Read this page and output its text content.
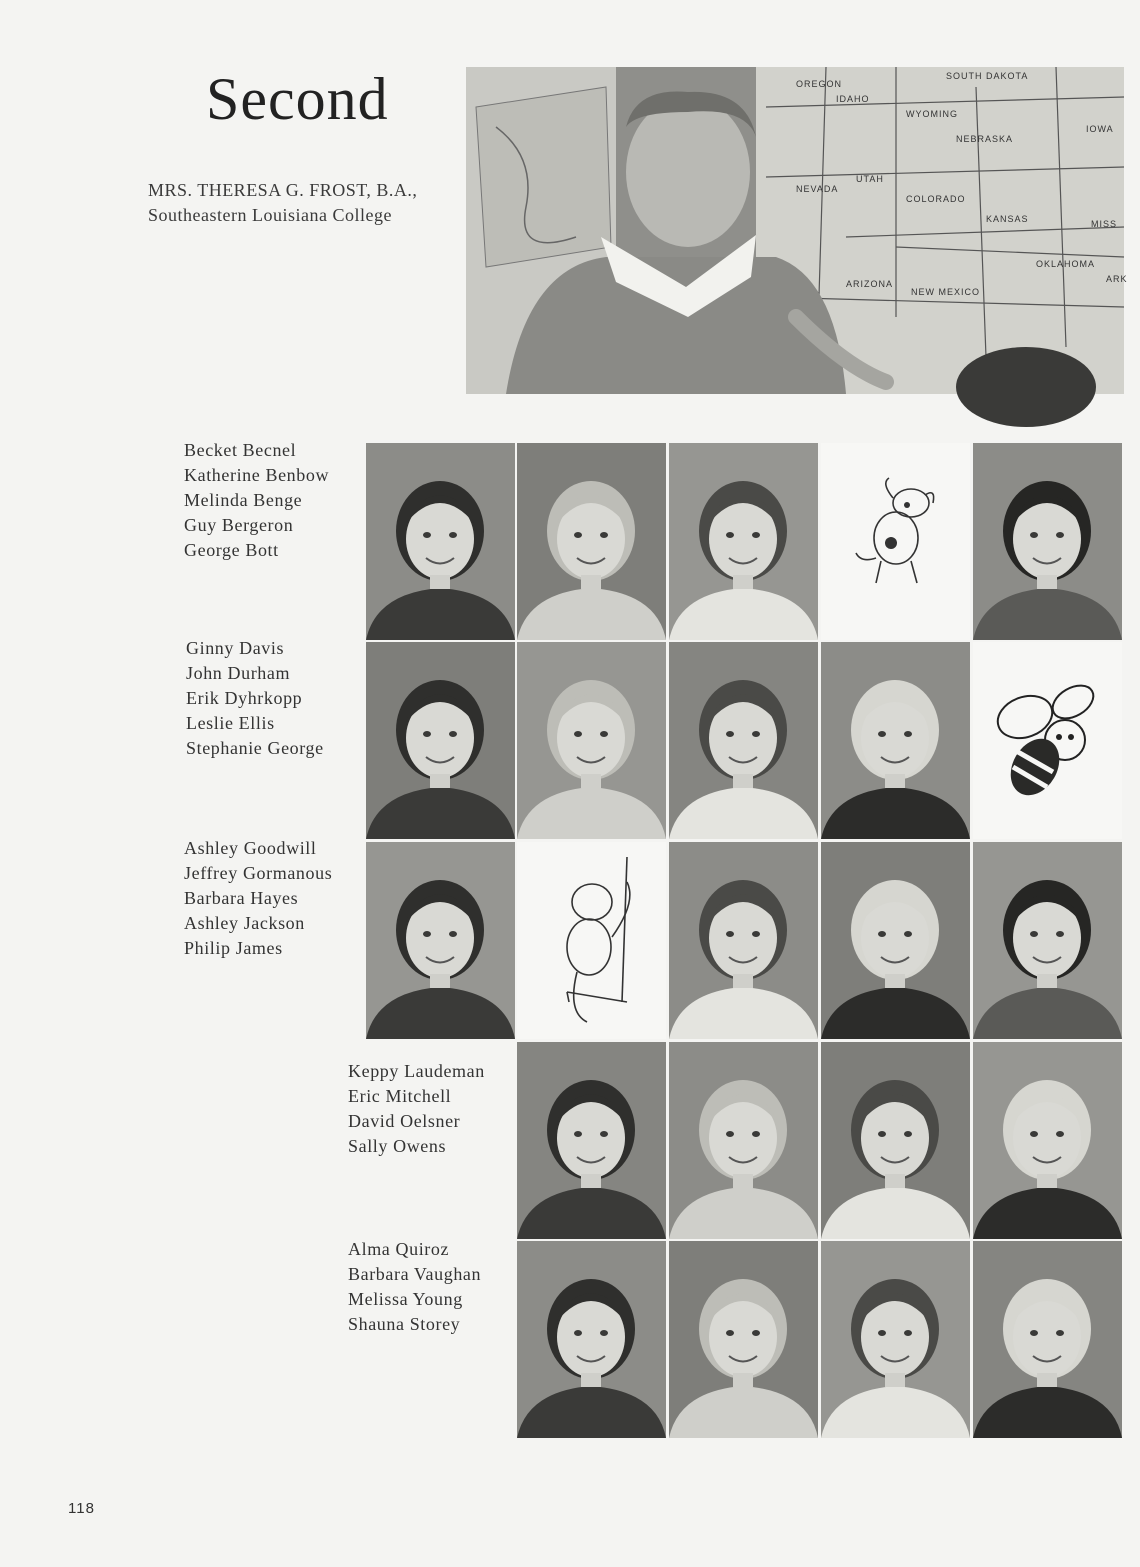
Second
MRS. THERESA G. FROST, B.A.,
Southeastern Louisiana College
OREGON
IDAHO
WYOMING
SOUTH DAKOTA
NEBRASKA
IOWA
NEVADA
UTAH
COLORADO
KANSAS	MISS
ARIZONA
NEW MEXICO
OKLAHOMA
ARK
Becket Becnel
Katherine Benbow
Melinda Benge
Guy Bergeron
George Bott
Ginny Davis
John Durham
Erik Dyhrkopp
Leslie Ellis
Stephanie George
Ashley Goodwill
Jeffrey Gormanous
Barbara Hayes
Ashley Jackson
Philip James
Keppy Laudeman
Eric Mitchell
David Oelsner
Sally Owens
Alma Quiroz
Barbara Vaughan
Melissa Young
Shauna Storey
118
